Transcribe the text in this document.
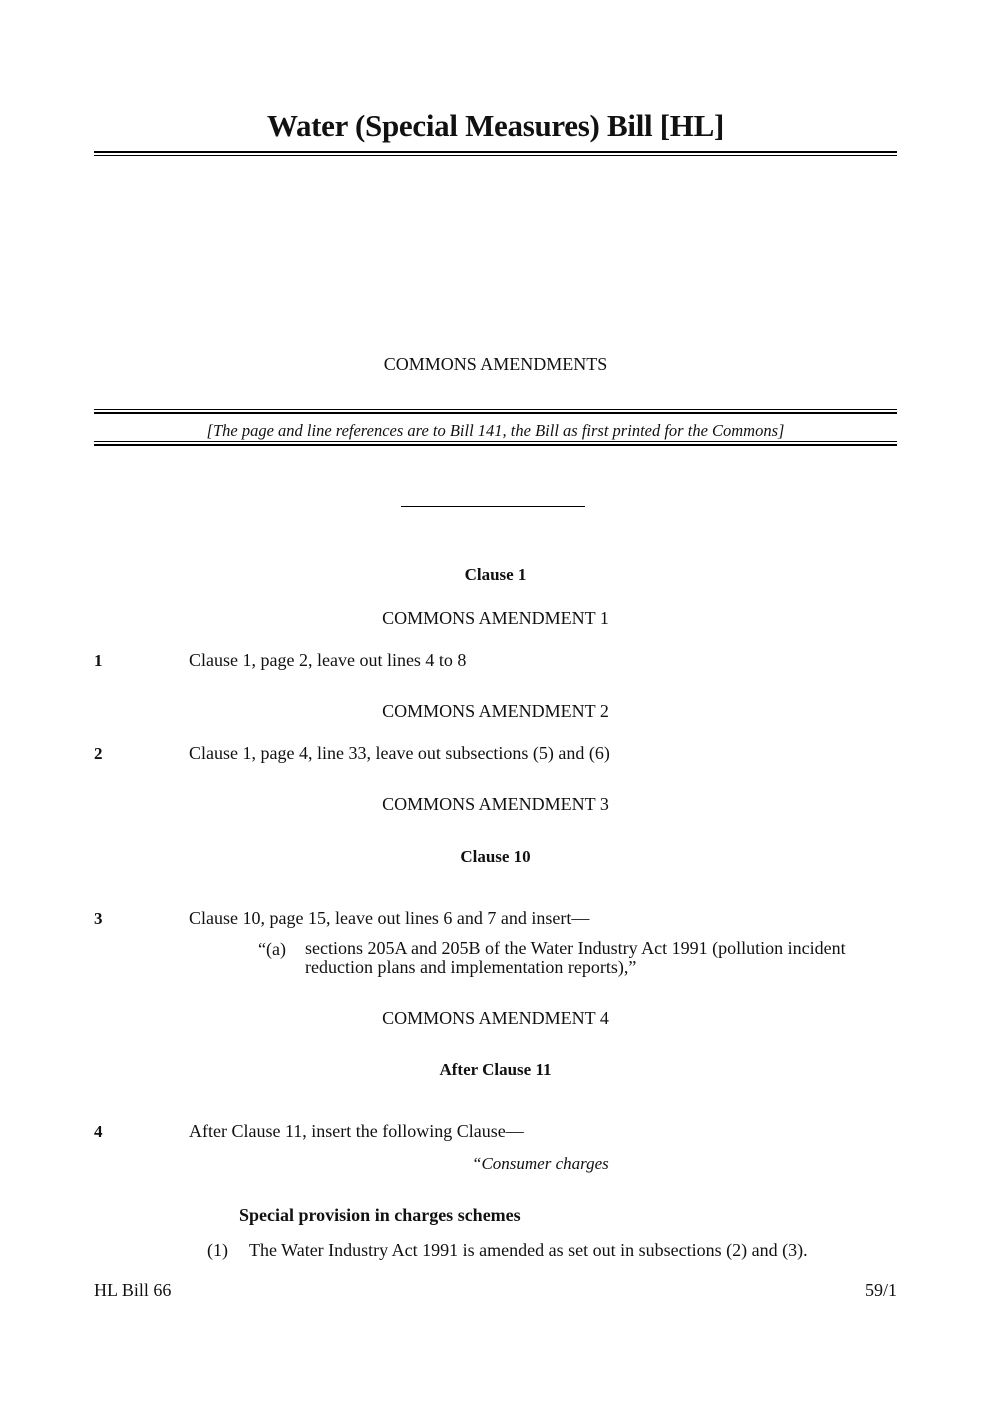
Water (Special Measures) Bill [HL]
COMMONS AMENDMENTS
[The page and line references are to Bill 141, the Bill as first printed for the Commons]
Clause 1
COMMONS AMENDMENT 1
1	Clause 1, page 2, leave out lines 4 to 8
COMMONS AMENDMENT 2
2	Clause 1, page 4, line 33, leave out subsections (5) and (6)
COMMONS AMENDMENT 3
Clause 10
3	Clause 10, page 15, leave out lines 6 and 7 and insert—
“(a) sections 205A and 205B of the Water Industry Act 1991 (pollution incident
reduction plans and implementation reports),”
COMMONS AMENDMENT 4
After Clause 11
4	After Clause 11, insert the following Clause—
“Consumer charges
Special provision in charges schemes
(1) The Water Industry Act 1991 is amended as set out in subsections (2) and (3).
HL Bill 66	59/1
